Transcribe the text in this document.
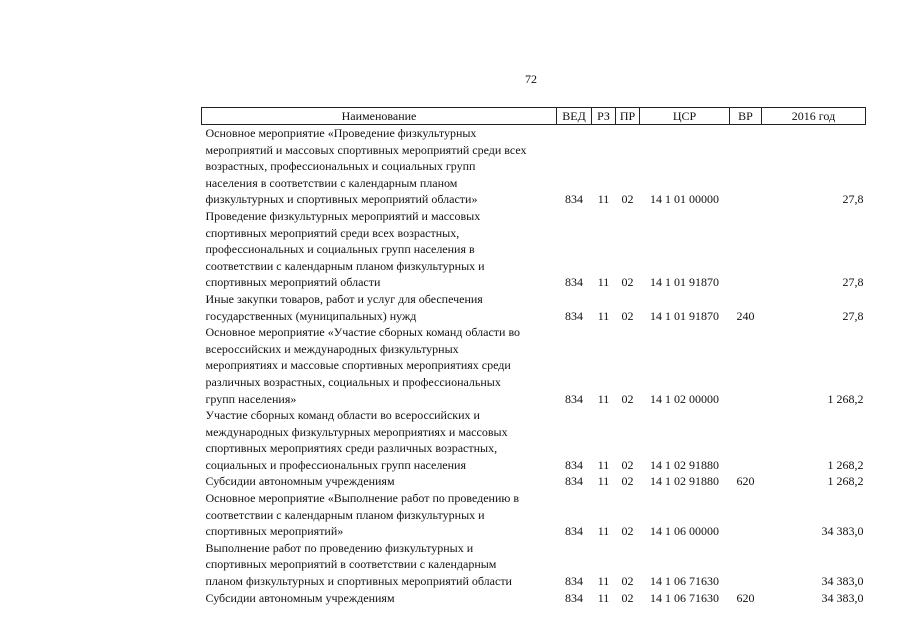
72
Наименование	ВЕД	РЗ	ПР	ЦСР	ВР	2016 год

Основное мероприятие «Проведение физкультурных
мероприятий и массовых спортивных мероприятий среди всех
возрастных, профессиональных и социальных групп
населения в соответствии с календарным планом
физкультурных и спортивных мероприятий области»	834	11	02	14 1 01 00000		27,8

Проведение физкультурных мероприятий и массовых
спортивных мероприятий среди всех возрастных,
профессиональных и социальных групп населения в
соответствии с календарным планом физкультурных и
спортивных мероприятий области	834	11	02	14 1 01 91870		27,8

Иные закупки товаров, работ и услуг для обеспечения
государственных (муниципальных) нужд	834	11	02	14 1 01 91870	240	27,8

Основное мероприятие «Участие сборных команд области во
всероссийских и международных физкультурных
мероприятиях и массовые спортивных мероприятиях среди
различных возрастных, социальных и профессиональных
групп населения»	834	11	02	14 1 02 00000		1 268,2

Участие сборных команд области во всероссийских и
международных физкультурных мероприятиях и массовых
спортивных мероприятиях среди различных возрастных,
социальных и профессиональных групп населения	834	11	02	14 1 02 91880		1 268,2

Субсидии автономным учреждениям	834	11	02	14 1 02 91880	620	1 268,2

Основное мероприятие «Выполнение работ по проведению в
соответствии с календарным планом физкультурных и
спортивных мероприятий»	834	11	02	14 1 06 00000		34 383,0

Выполнение работ по проведению физкультурных и
спортивных мероприятий в соответствии с календарным
планом физкультурных и спортивных мероприятий области	834	11	02	14 1 06 71630		34 383,0

Субсидии автономным учреждениям	834	11	02	14 1 06 71630	620	34 383,0
